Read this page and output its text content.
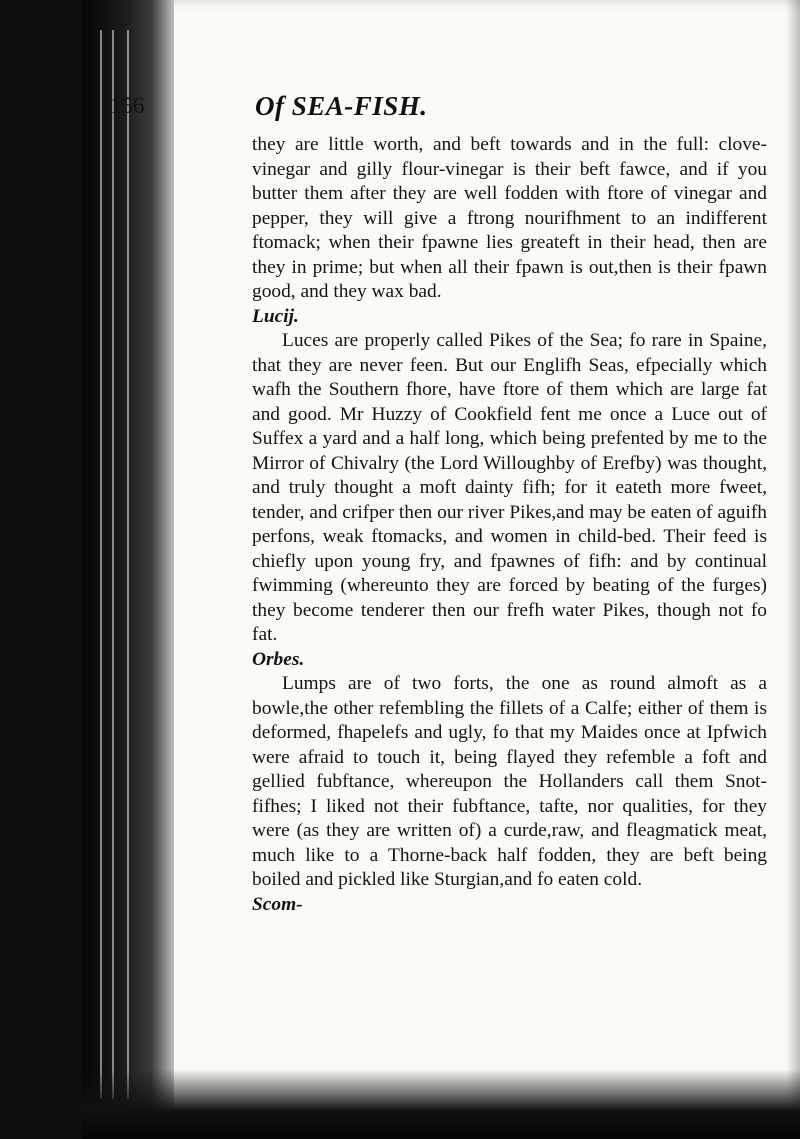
156	Of SEA-FISH.

they are little worth, and beft towards and in the full: clove-vinegar and gilly flour-vinegar is their beft fawce, and if you butter them after they are well fodden with ftore of vinegar and pepper, they will give a ftrong nourifhment to an indifferent ftomack; when their fpawne lies greateft in their head, then are they in prime; but when all their fpawn is out,then is their fpawn good, and they wax bad.

Lucij.

Luces are properly called Pikes of the Sea; fo rare in Spaine, that they are never feen. But our Englifh Seas, efpecially which wafh the Southern fhore, have ftore of them which are large fat and good. Mr Huzzy of Cookfield fent me once a Luce out of Suffex a yard and a half long, which being prefented by me to the Mirror of Chivalry (the Lord Willoughby of Erefby) was thought, and truly thought a moft dainty fifh; for it eateth more fweet, tender, and crifper then our river Pikes,and may be eaten of aguifh perfons, weak ftomacks, and women in child-bed. Their feed is chiefly upon young fry, and fpawnes of fifh: and by continual fwimming (whereunto they are forced by beating of the furges) they become tenderer then our frefh water Pikes, though not fo fat.

Orbes.

Lumps are of two forts, the one as round almoft as a bowle,the other refembling the fillets of a Calfe; either of them is deformed, fhapelefs and ugly, fo that my Maides once at Ipfwich were afraid to touch it, being flayed they refemble a foft and gellied fubftance, whereupon the Hollanders call them Snot-fifhes; I liked not their fubftance, tafte, nor qualities, for they were (as they are written of) a curde,raw, and fleagmatick meat, much like to a Thorne-back half fodden, they are beft being boiled and pickled like Sturgian,and fo eaten cold.

Scom-
